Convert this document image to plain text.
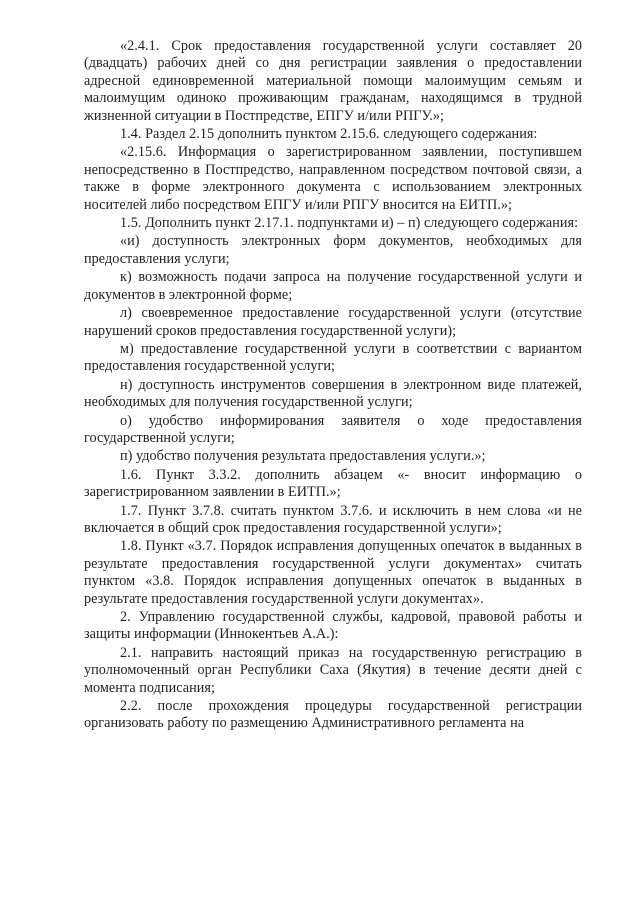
«2.4.1. Срок предоставления государственной услуги составляет 20 (двадцать) рабочих дней со дня регистрации заявления о предоставлении адресной единовременной материальной помощи малоимущим семьям и малоимущим одиноко проживающим гражданам, находящимся в трудной жизненной ситуации в Постпредстве, ЕПГУ и/или РПГУ.»;

1.4. Раздел 2.15 дополнить пунктом 2.15.6. следующего содержания:

«2.15.6. Информация о зарегистрированном заявлении, поступившем непосредственно в Постпредство, направленном посредством почтовой связи, а также в форме электронного документа с использованием электронных носителей либо посредством ЕПГУ и/или РПГУ вносится на ЕИТП.»;

1.5. Дополнить пункт 2.17.1. подпунктами и) – п) следующего содержания:

«и) доступность электронных форм документов, необходимых для предоставления услуги;

к) возможность подачи запроса на получение государственной услуги и документов в электронной форме;

л) своевременное предоставление государственной услуги (отсутствие нарушений сроков предоставления государственной услуги);

м) предоставление государственной услуги в соответствии с вариантом предоставления государственной услуги;

н) доступность инструментов совершения в электронном виде платежей, необходимых для получения государственной услуги;

о) удобство информирования заявителя о ходе предоставления государственной услуги;

п) удобство получения результата предоставления услуги.»;

1.6. Пункт 3.3.2. дополнить абзацем «- вносит информацию о зарегистрированном заявлении в ЕИТП.»;

1.7. Пункт 3.7.8. считать пунктом 3.7.6. и исключить в нем слова «и не включается в общий срок предоставления государственной услуги»;

1.8. Пункт «3.7. Порядок исправления допущенных опечаток в выданных в результате предоставления государственной услуги документах» считать пунктом «3.8. Порядок исправления допущенных опечаток в выданных в результате предоставления государственной услуги документах».

2. Управлению государственной службы, кадровой, правовой работы и защиты информации (Иннокентьев А.А.):

2.1. направить настоящий приказ на государственную регистрацию в уполномоченный орган Республики Саха (Якутия) в течение десяти дней с момента подписания;

2.2. после прохождения процедуры государственной регистрации организовать работу по размещению Административного регламента на
